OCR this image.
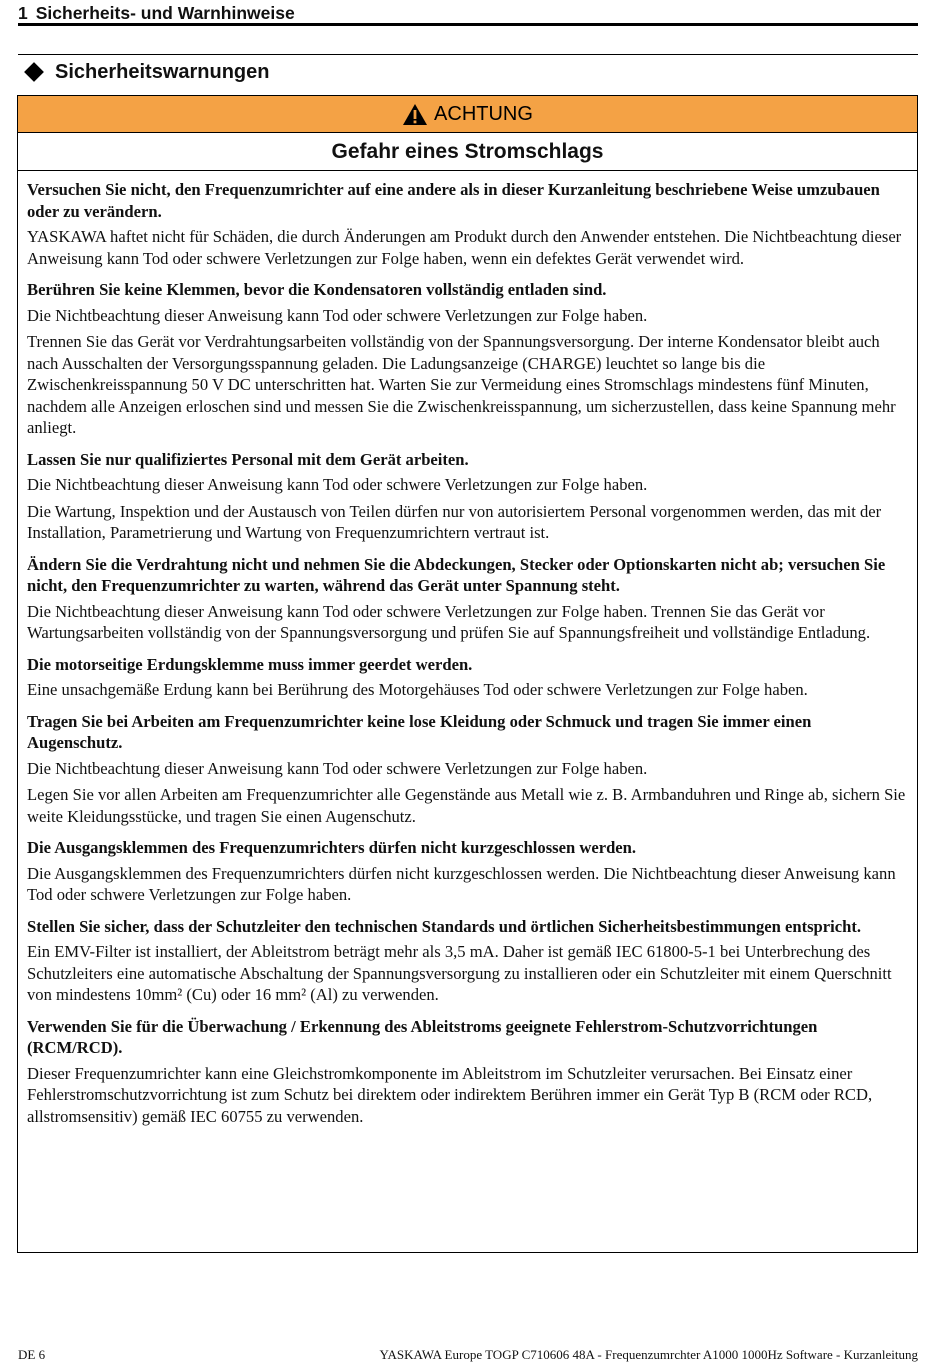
1 Sicherheits- und Warnhinweise
Sicherheitswarnungen
ACHTUNG
Gefahr eines Stromschlags

Versuchen Sie nicht, den Frequenzumrichter auf eine andere als in dieser Kurzanleitung beschriebene Weise umzubauen oder zu verändern.

YASKAWA haftet nicht für Schäden, die durch Änderungen am Produkt durch den Anwender entstehen. Die Nichtbeachtung dieser Anweisung kann Tod oder schwere Verletzungen zur Folge haben, wenn ein defektes Gerät verwendet wird.

Berühren Sie keine Klemmen, bevor die Kondensatoren vollständig entladen sind.

Die Nichtbeachtung dieser Anweisung kann Tod oder schwere Verletzungen zur Folge haben.

Trennen Sie das Gerät vor Verdrahtungsarbeiten vollständig von der Spannungsversorgung. Der interne Kondensator bleibt auch nach Ausschalten der Versorgungsspannung geladen. Die Ladungsanzeige (CHARGE) leuchtet so lange bis die Zwischenkreisspannung 50 V DC unterschritten hat. Warten Sie zur Vermeidung eines Stromschlags mindestens fünf Minuten, nachdem alle Anzeigen erloschen sind und messen Sie die Zwischenkreisspannung, um sicherzustellen, dass keine Spannung mehr anliegt.

Lassen Sie nur qualifiziertes Personal mit dem Gerät arbeiten.

Die Nichtbeachtung dieser Anweisung kann Tod oder schwere Verletzungen zur Folge haben.

Die Wartung, Inspektion und der Austausch von Teilen dürfen nur von autorisiertem Personal vorgenommen werden, das mit der Installation, Parametrierung und Wartung von Frequenzumrichtern vertraut ist.

Ändern Sie die Verdrahtung nicht und nehmen Sie die Abdeckungen, Stecker oder Optionskarten nicht ab; versuchen Sie nicht, den Frequenzumrichter zu warten, während das Gerät unter Spannung steht.

Die Nichtbeachtung dieser Anweisung kann Tod oder schwere Verletzungen zur Folge haben. Trennen Sie das Gerät vor Wartungsarbeiten vollständig von der Spannungsversorgung und prüfen Sie auf Spannungsfreiheit und vollständige Entladung.

Die motorseitige Erdungsklemme muss immer geerdet werden.

Eine unsachgemäße Erdung kann bei Berührung des Motorgehäuses Tod oder schwere Verletzungen zur Folge haben.

Tragen Sie bei Arbeiten am Frequenzumrichter keine lose Kleidung oder Schmuck und tragen Sie immer einen Augenschutz.

Die Nichtbeachtung dieser Anweisung kann Tod oder schwere Verletzungen zur Folge haben.

Legen Sie vor allen Arbeiten am Frequenzumrichter alle Gegenstände aus Metall wie z. B. Armbanduhren und Ringe ab, sichern Sie weite Kleidungsstücke, und tragen Sie einen Augenschutz.

Die Ausgangsklemmen des Frequenzumrichters dürfen nicht kurzgeschlossen werden.

Die Ausgangsklemmen des Frequenzumrichters dürfen nicht kurzgeschlossen werden. Die Nichtbeachtung dieser Anweisung kann Tod oder schwere Verletzungen zur Folge haben.

Stellen Sie sicher, dass der Schutzleiter den technischen Standards und örtlichen Sicherheitsbestimmungen entspricht.

Ein EMV-Filter ist installiert, der Ableitstrom beträgt mehr als 3,5 mA. Daher ist gemäß IEC 61800-5-1 bei Unterbrechung des Schutzleiters eine automatische Abschaltung der Spannungsversorgung zu installieren oder ein Schutzleiter mit einem Querschnitt von mindestens 10mm² (Cu) oder 16 mm² (Al) zu verwenden.

Verwenden Sie für die Überwachung / Erkennung des Ableitstroms geeignete Fehlerstrom-Schutzvorrichtungen (RCM/RCD).

Dieser Frequenzumrichter kann eine Gleichstromkomponente im Ableitstrom im Schutzleiter verursachen. Bei Einsatz einer Fehlerstromschutzvorrichtung ist zum Schutz bei direktem oder indirektem Berühren immer ein Gerät Typ B (RCM oder RCD, allstromsensitiv) gemäß IEC 60755 zu verwenden.

DE 6	YASKAWA Europe TOGP C710606 48A - Frequenzumrchter A1000 1000Hz Software - Kurzanleitung
